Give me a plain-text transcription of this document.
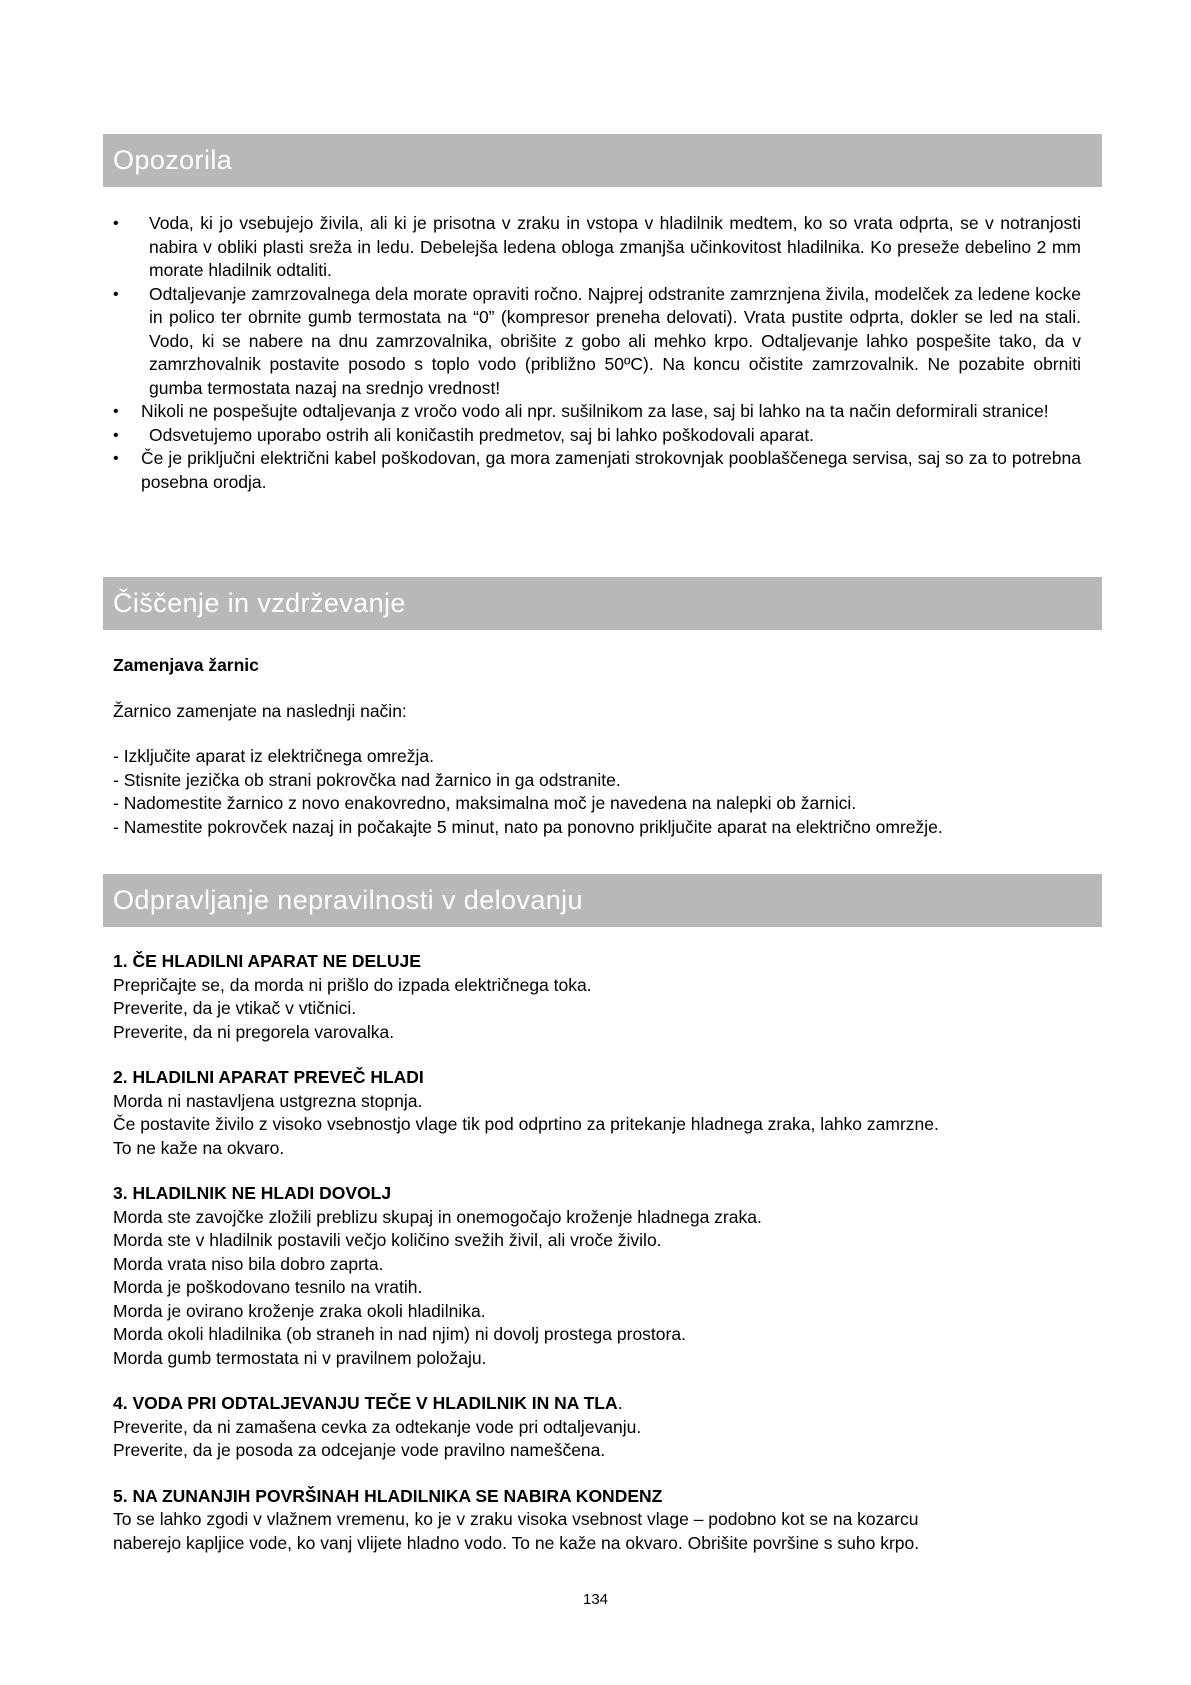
Opozorila
• Voda, ki jo vsebujejo živila, ali ki je prisotna v zraku in vstopa v hladilnik medtem, ko so vrata odprta, se v notranjosti nabira v obliki plasti sreža in ledu. Debelejša ledena obloga zmanjša učinkovitost hladilnika. Ko preseže debelino 2 mm morate hladilnik odtaliti.
• Odtaljevanje zamrzovalnega dela morate opraviti ročno. Najprej odstranite zamrznjena živila, modelček za ledene kocke in polico ter obrnite gumb termostata na “0” (kompresor preneha delovati). Vrata pustite odprta, dokler se led na stali. Vodo, ki se nabere na dnu zamrzovalnika, obrišite z gobo ali mehko krpo. Odtaljevanje lahko pospešite tako, da v zamrzhovalnik postavite posodo s toplo vodo (približno 50ºC). Na koncu očistite zamrzovalnik. Ne pozabite obrniti gumba termostata nazaj na srednjo vrednost!
• Nikoli ne pospešujte odtaljevanja z vročo vodo ali npr. sušilnikom za lase, saj bi lahko na ta način deformirali stranice!
• Odsvetujemo uporabo ostrih ali koničastih predmetov, saj bi lahko poškodovali aparat.
• Če je priključni električni kabel poškodovan, ga mora zamenjati strokovnjak pooblaščenega servisa, saj so za to potrebna posebna orodja.
Čiščenje in vzdrževanje

Zamenjava žarnic

Žarnico zamenjate na naslednji način:

- Izključite aparat iz električnega omrežja.

- Stisnite jezička ob strani pokrovčka nad žarnico in ga odstranite.

- Nadomestite žarnico z novo enakovredno, maksimalna moč je navedena na nalepki ob žarnici.

- Namestite pokrovček nazaj in počakajte 5 minut, nato pa ponovno priključite aparat na električno omrežje.

Odpravljanje nepravilnosti v delovanju

1. ČE HLADILNI APARAT NE DELUJE

Prepričajte se, da morda ni prišlo do izpada električnega toka.

Preverite, da je vtikač v vtičnici.

Preverite, da ni pregorela varovalka.

2. HLADILNI APARAT PREVEČ HLADI

Morda ni nastavljena ustgrezna stopnja.

Če postavite živilo z visoko vsebnostjo vlage tik pod odprtino za pritekanje hladnega zraka, lahko zamrzne.

To ne kaže na okvaro.

3. HLADILNIK NE HLADI DOVOLJ

Morda ste zavojčke zložili preblizu skupaj in onemogočajo kroženje hladnega zraka.

Morda ste v hladilnik postavili večjo količino svežih živil, ali vroče živilo.

Morda vrata niso bila dobro zaprta.

Morda je poškodovano tesnilo na vratih.

Morda je ovirano kroženje zraka okoli hladilnika.

Morda okoli hladilnika (ob straneh in nad njim) ni dovolj prostega prostora.

Morda gumb termostata ni v pravilnem položaju.

4. VODA PRI ODTALJEVANJU TEČE V HLADILNIK IN NA TLA.

Preverite, da ni zamašena cevka za odtekanje vode pri odtaljevanju.

Preverite, da je posoda za odcejanje vode pravilno nameščena.

5. NA ZUNANJIH POVRŠINAH HLADILNIKA SE NABIRA KONDENZ

To se lahko zgodi v vlažnem vremenu, ko je v zraku visoka vsebnost vlage – podobno kot se na kozarcu

naberejo kapljice vode, ko vanj vlijete hladno vodo. To ne kaže na okvaro. Obrišite površine s suho krpo.

134
